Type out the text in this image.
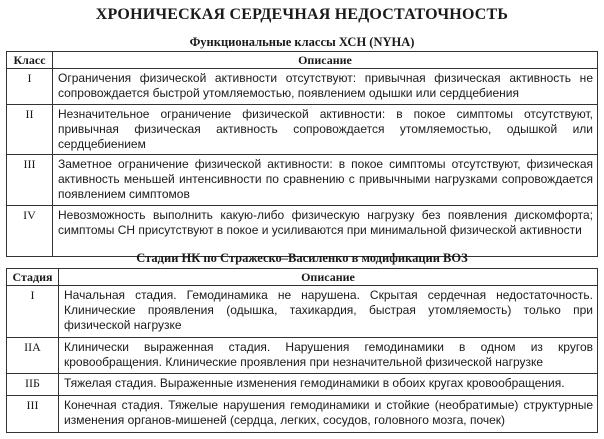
ХРОНИЧЕСКАЯ СЕРДЕЧНАЯ НЕДОСТАТОЧНОСТЬ
Функциональные классы ХСН (NYHA)
Класс	Описание
I	Ограничения физической активности отсутствуют: привычная физическая активность не сопровождается быстрой утомляемостью, появлением одышки или сердцебиения
II	Незначительное ограничение физической активности: в покое симптомы отсутствуют, привычная физическая активность сопровождается утомляемостью, одышкой или сердцебиением
III	Заметное ограничение физической активности: в покое симптомы отсутствуют, физическая активность меньшей интенсивности по сравнению с привычными нагрузками сопровождается появлением симптомов
IV	Невозможность выполнить какую-либо физическую нагрузку без появления дискомфорта; симптомы СН присутствуют в покое и усиливаются при минимальной физической активности
Стадии НК по Стражеско–Василенко в модификации ВОЗ
Стадия	Описание
I	Начальная стадия. Гемодинамика не нарушена. Скрытая сердечная недостаточность. Клинические проявления (одышка, тахикардия, быстрая утомляемость) только при физической нагрузке
IIA	Клинически выраженная стадия. Нарушения гемодинамики в одном из кругов кровообращения. Клинические проявления при незначительной физической нагрузке
IIБ	Тяжелая стадия. Выраженные изменения гемодинамики в обоих кругах кровообращения.
III	Конечная стадия. Тяжелые нарушения гемодинамики и стойкие (необратимые) структурные изменения органов-мишеней (сердца, легких, сосудов, головного мозга, почек)
